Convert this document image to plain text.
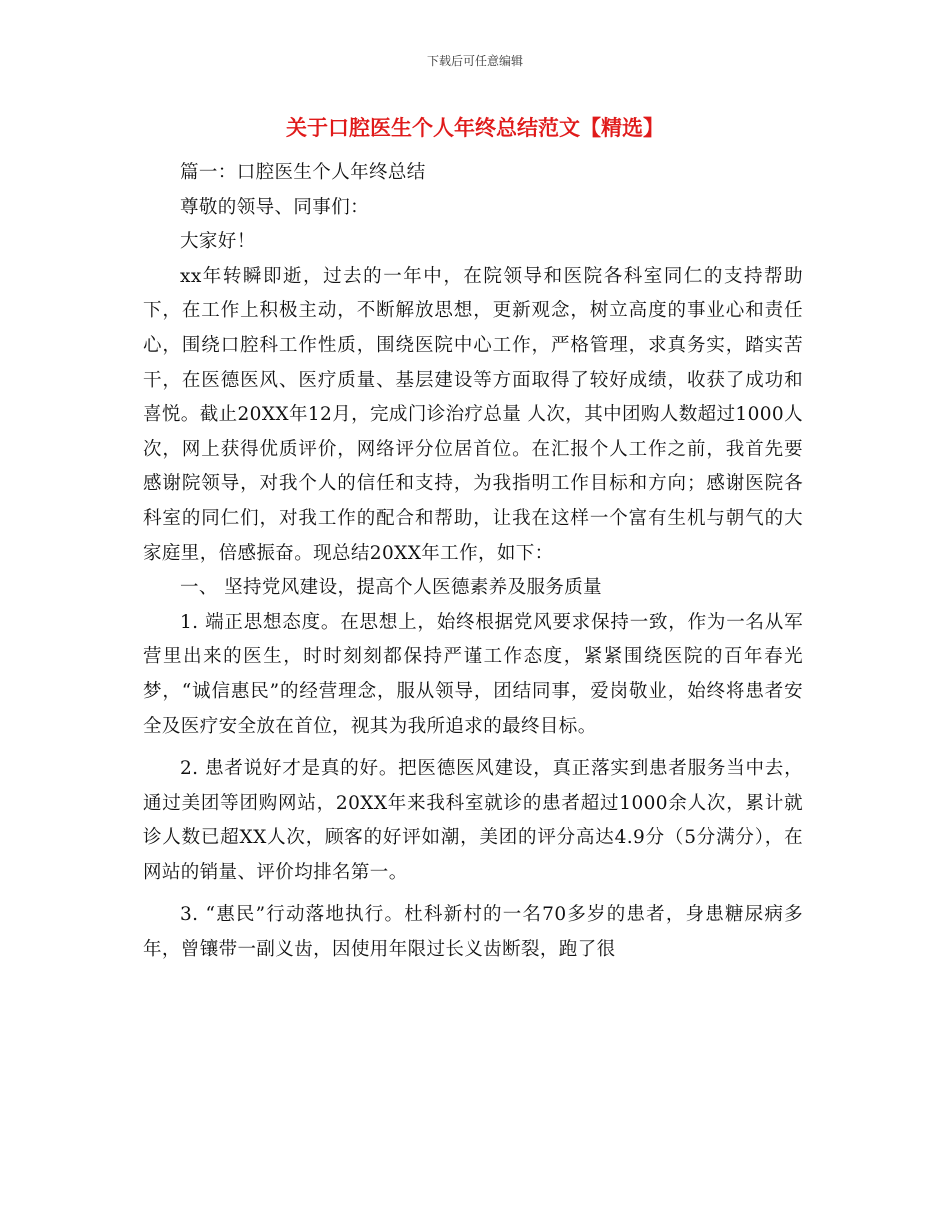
下载后可任意编辑
关于口腔医生个人年终总结范文【精选】

篇一：口腔医生个人年终总结

尊敬的领导、同事们：

大家好！

xx年转瞬即逝，过去的一年中，在院领导和医院各科室同仁的支持帮助下，在工作上积极主动，不断解放思想，更新观念，树立高度的事业心和责任心，围绕口腔科工作性质，围绕医院中心工作，严格管理，求真务实，踏实苦干，在医德医风、医疗质量、基层建设等方面取得了较好成绩，收获了成功和喜悦。截止20XX年12月，完成门诊治疗总量 人次，其中团购人数超过1000人次，网上获得优质评价，网络评分位居首位。在汇报个人工作之前，我首先要感谢院领导，对我个人的信任和支持，为我指明工作目标和方向；感谢医院各科室的同仁们，对我工作的配合和帮助，让我在这样一个富有生机与朝气的大家庭里，倍感振奋。现总结20XX年工作，如下：

一、 坚持党风建设，提高个人医德素养及服务质量

1. 端正思想态度。在思想上，始终根据党风要求保持一致，作为一名从军营里出来的医生，时时刻刻都保持严谨工作态度，紧紧围绕医院的百年春光梦，“诚信惠民”的经营理念，服从领导，团结同事，爱岗敬业，始终将患者安全及医疗安全放在首位，视其为我所追求的最终目标。

2. 患者说好才是真的好。把医德医风建设，真正落实到患者服务当中去，通过美团等团购网站，20XX年来我科室就诊的患者超过1000余人次，累计就诊人数已超XX人次，顾客的好评如潮，美团的评分高达4.9分（5分满分），在网站的销量、评价均排名第一。

3. “惠民”行动落地执行。杜科新村的一名70多岁的患者，身患糖尿病多年，曾镶带一副义齿，因使用年限过长义齿断裂，跑了很
